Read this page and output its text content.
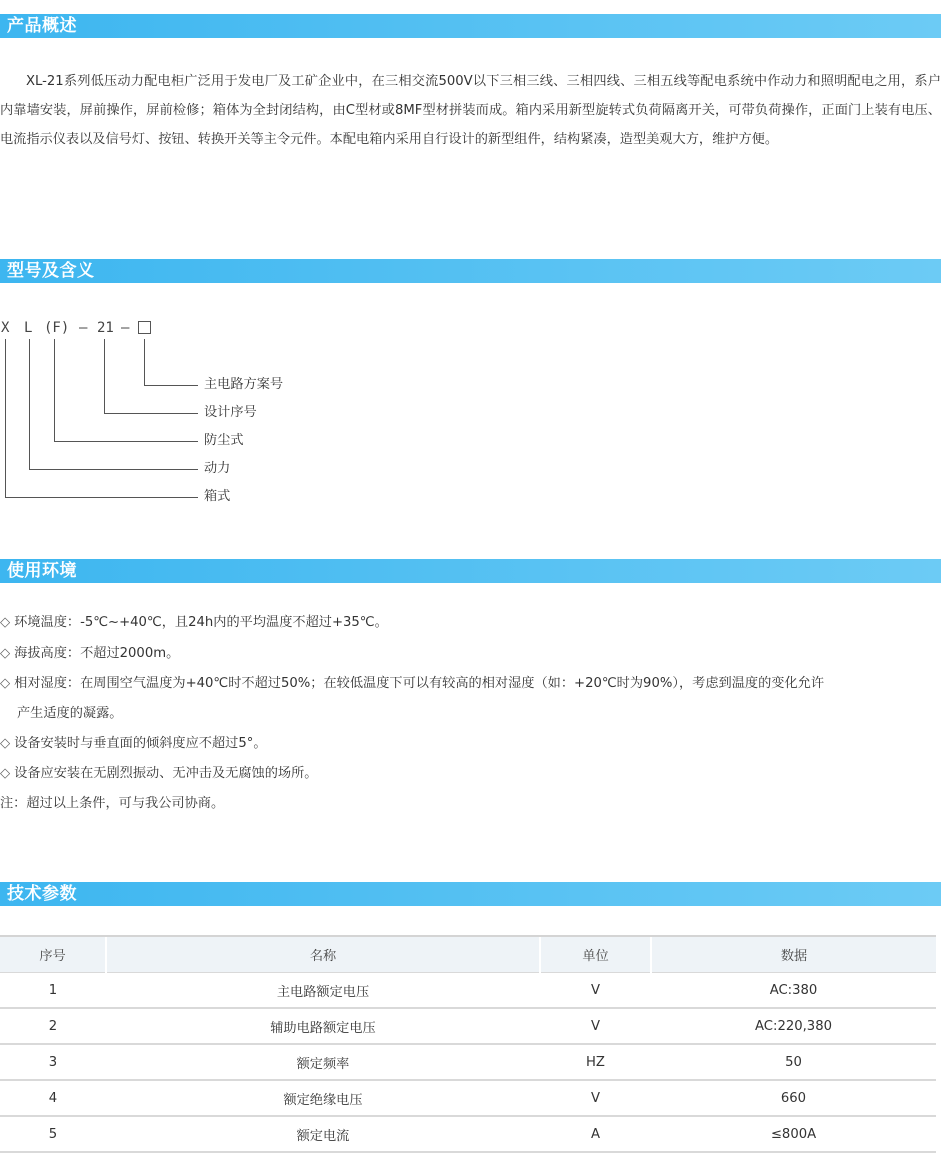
产品概述
XL-21系列低压动力配电柜广泛用于发电厂及工矿企业中，在三相交流500V以下三相三线、三相四线、三相五线等配电系统中作动力和照明配电之用，系户内靠墙安装，屏前操作，屏前检修；箱体为全封闭结构，由C型材或8MF型材拼装而成。箱内采用新型旋转式负荷隔离开关，可带负荷操作，正面门上装有电压、电流指示仪表以及信号灯、按钮、转换开关等主令元件。本配电箱内采用自行设计的新型组件，结构紧凑，造型美观大方，维护方便。
型号及含义
X L (F) – 21 –
主电路方案号
设计序号
防尘式
动力
箱式
使用环境
◇ 环境温度：-5℃~+40℃，且24h内的平均温度不超过+35℃。
◇ 海拔高度：不超过2000m。
◇ 相对湿度：在周围空气温度为+40℃时不超过50%；在较低温度下可以有较高的相对湿度（如：+20℃时为90%），考虑到温度的变化允许
产生适度的凝露。
◇ 设备安装时与垂直面的倾斜度应不超过5°。
◇ 设备应安装在无剧烈振动、无冲击及无腐蚀的场所。
注：超过以上条件，可与我公司协商。
技术参数
序号	名称	单位	数据
1	主电路额定电压	V	AC:380
2	辅助电路额定电压	V	AC:220,380
3	额定频率	HZ	50
4	额定绝缘电压	V	660
5	额定电流	A	≤800A
